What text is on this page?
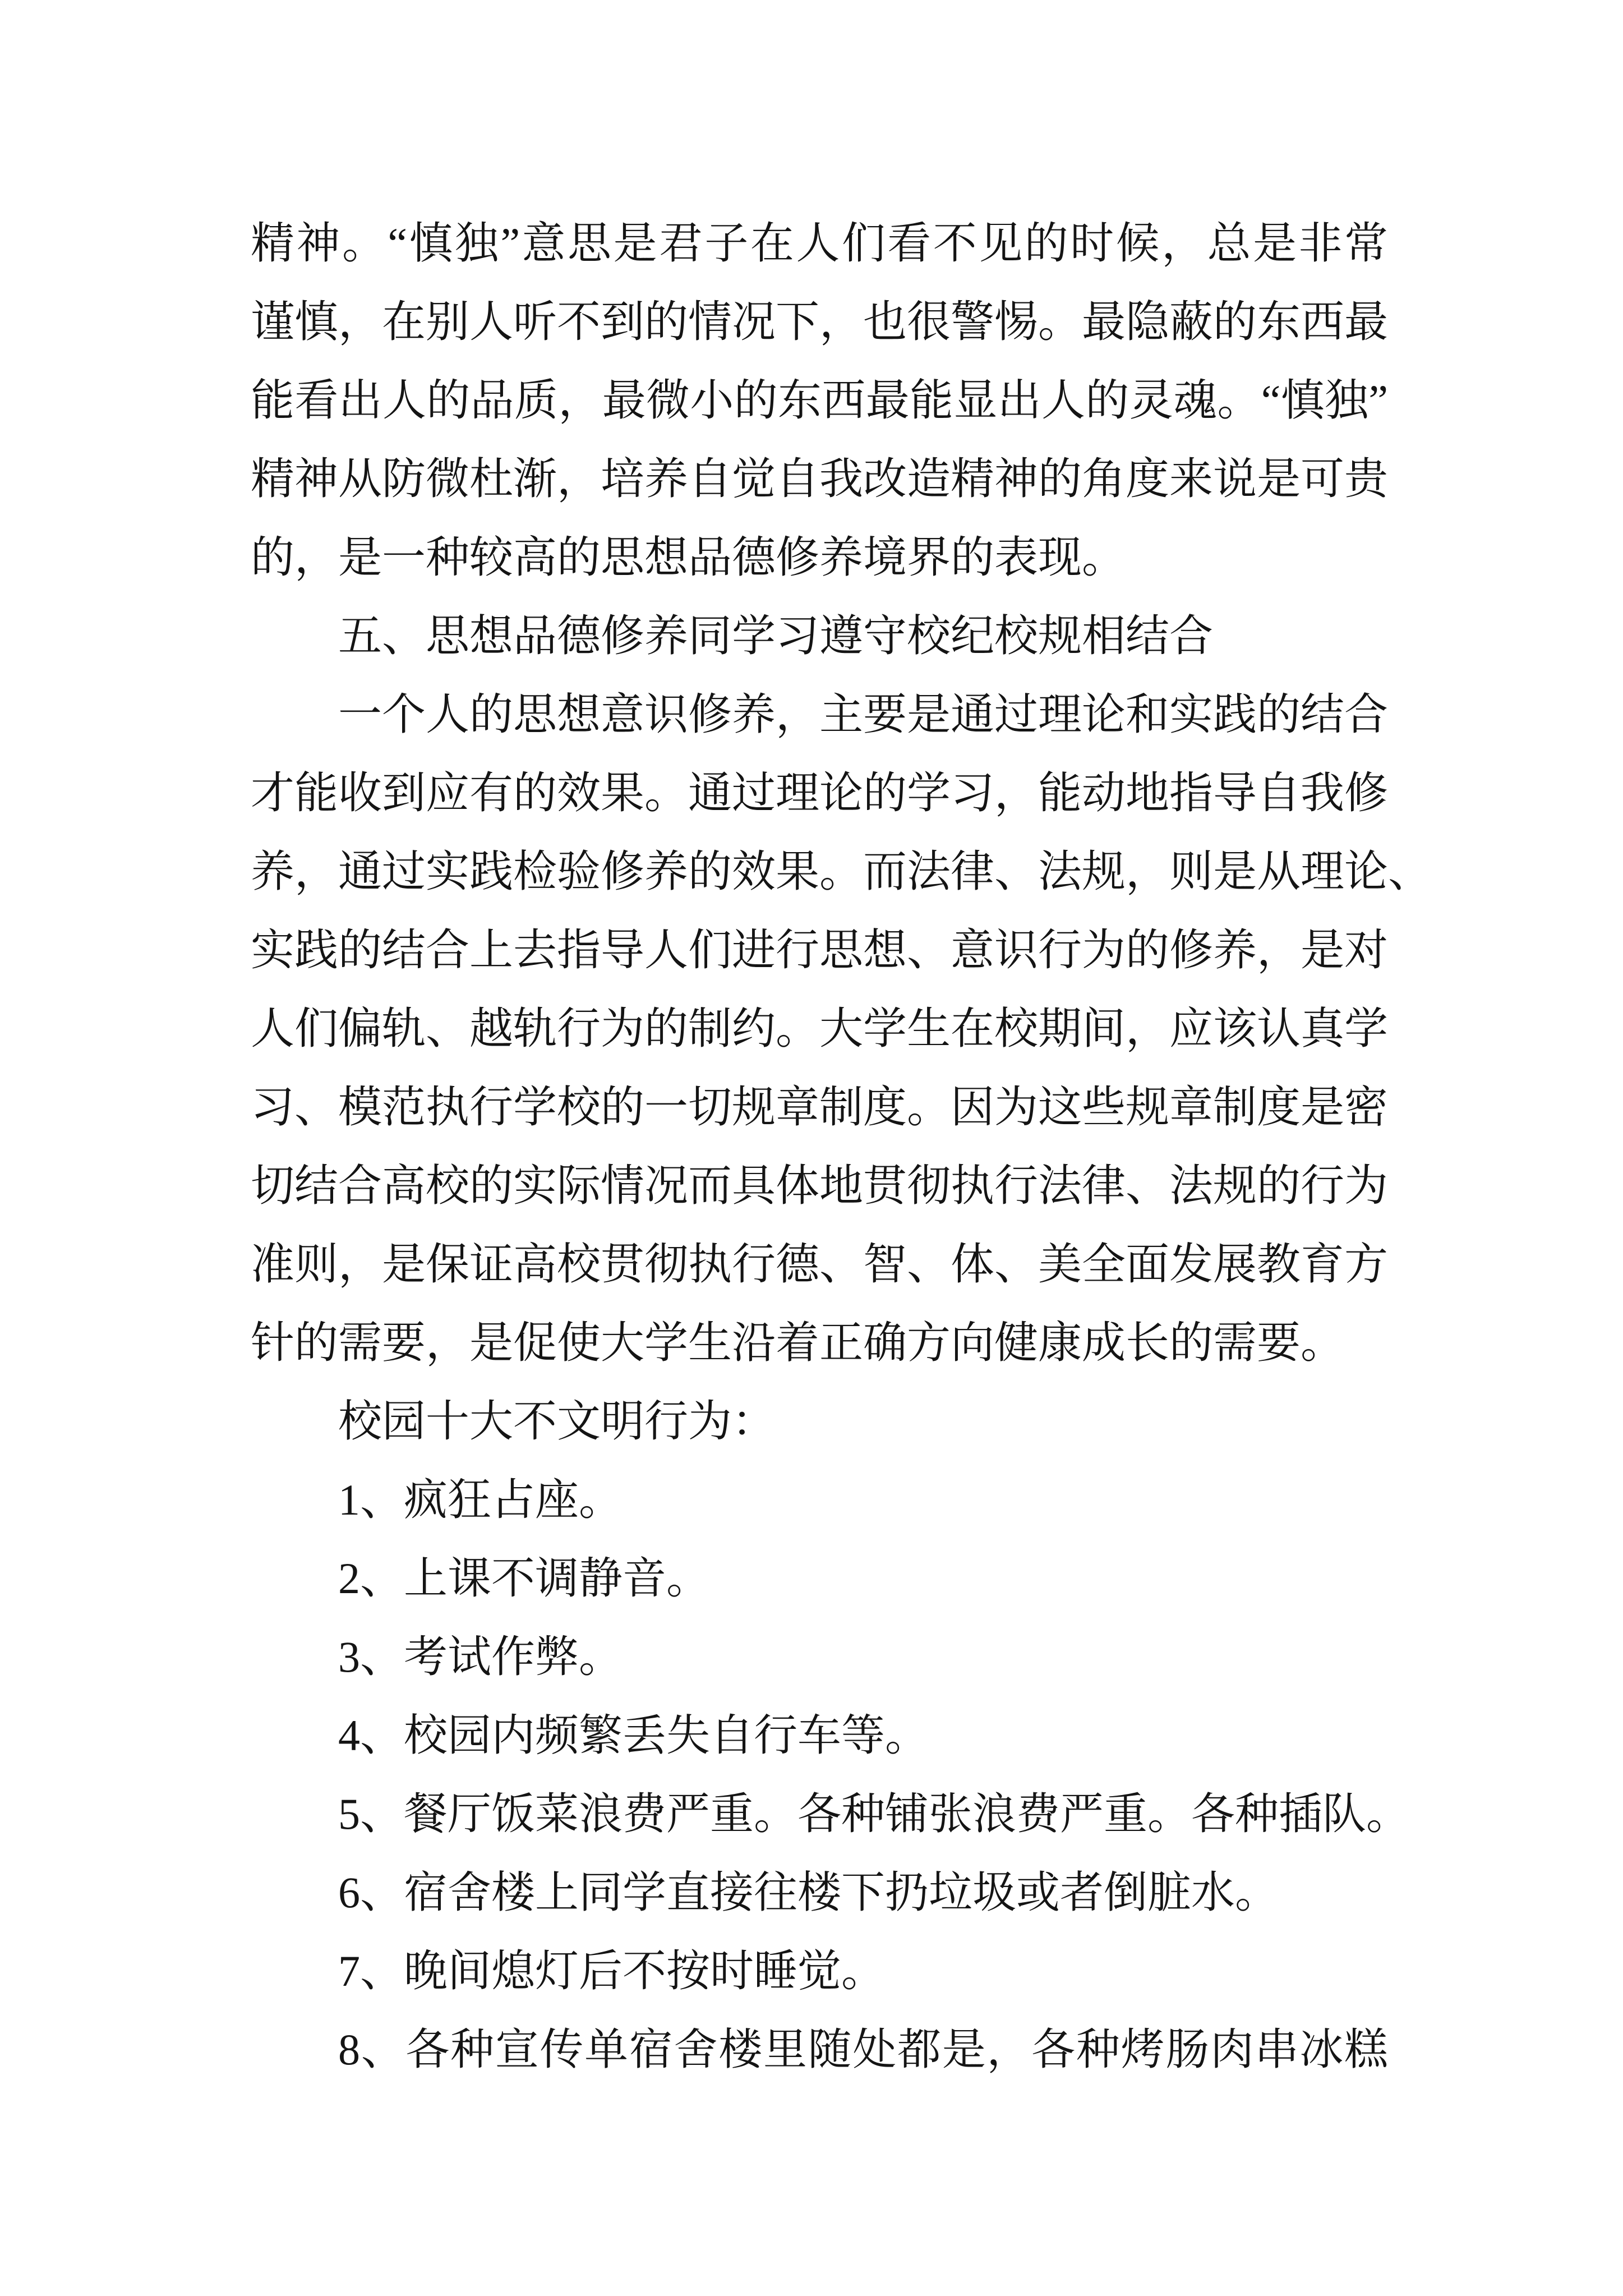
精神。“慎独”意思是君子在人们看不见的时候，总是非常
谨慎，在别人听不到的情况下，也很警惕。最隐蔽的东西最
能看出人的品质，最微小的东西最能显出人的灵魂。“慎独”
精神从防微杜渐，培养自觉自我改造精神的角度来说是可贵
的，是一种较高的思想品德修养境界的表现。
五、思想品德修养同学习遵守校纪校规相结合
一个人的思想意识修养，主要是通过理论和实践的结合
才能收到应有的效果。通过理论的学习，能动地指导自我修
养，通过实践检验修养的效果。而法律、法规，则是从理论、
实践的结合上去指导人们进行思想、意识行为的修养，是对
人们偏轨、越轨行为的制约。大学生在校期间，应该认真学
习、模范执行学校的一切规章制度。因为这些规章制度是密
切结合高校的实际情况而具体地贯彻执行法律、法规的行为
准则，是保证高校贯彻执行德、智、体、美全面发展教育方
针的需要，是促使大学生沿着正确方向健康成长的需要。
校园十大不文明行为：
1、疯狂占座。
2、上课不调静音。
3、考试作弊。
4、校园内频繁丢失自行车等。
5、餐厅饭菜浪费严重。各种铺张浪费严重。各种插队。
6、宿舍楼上同学直接往楼下扔垃圾或者倒脏水。
7、晚间熄灯后不按时睡觉。
8、各种宣传单宿舍楼里随处都是，各种烤肠肉串冰糕
